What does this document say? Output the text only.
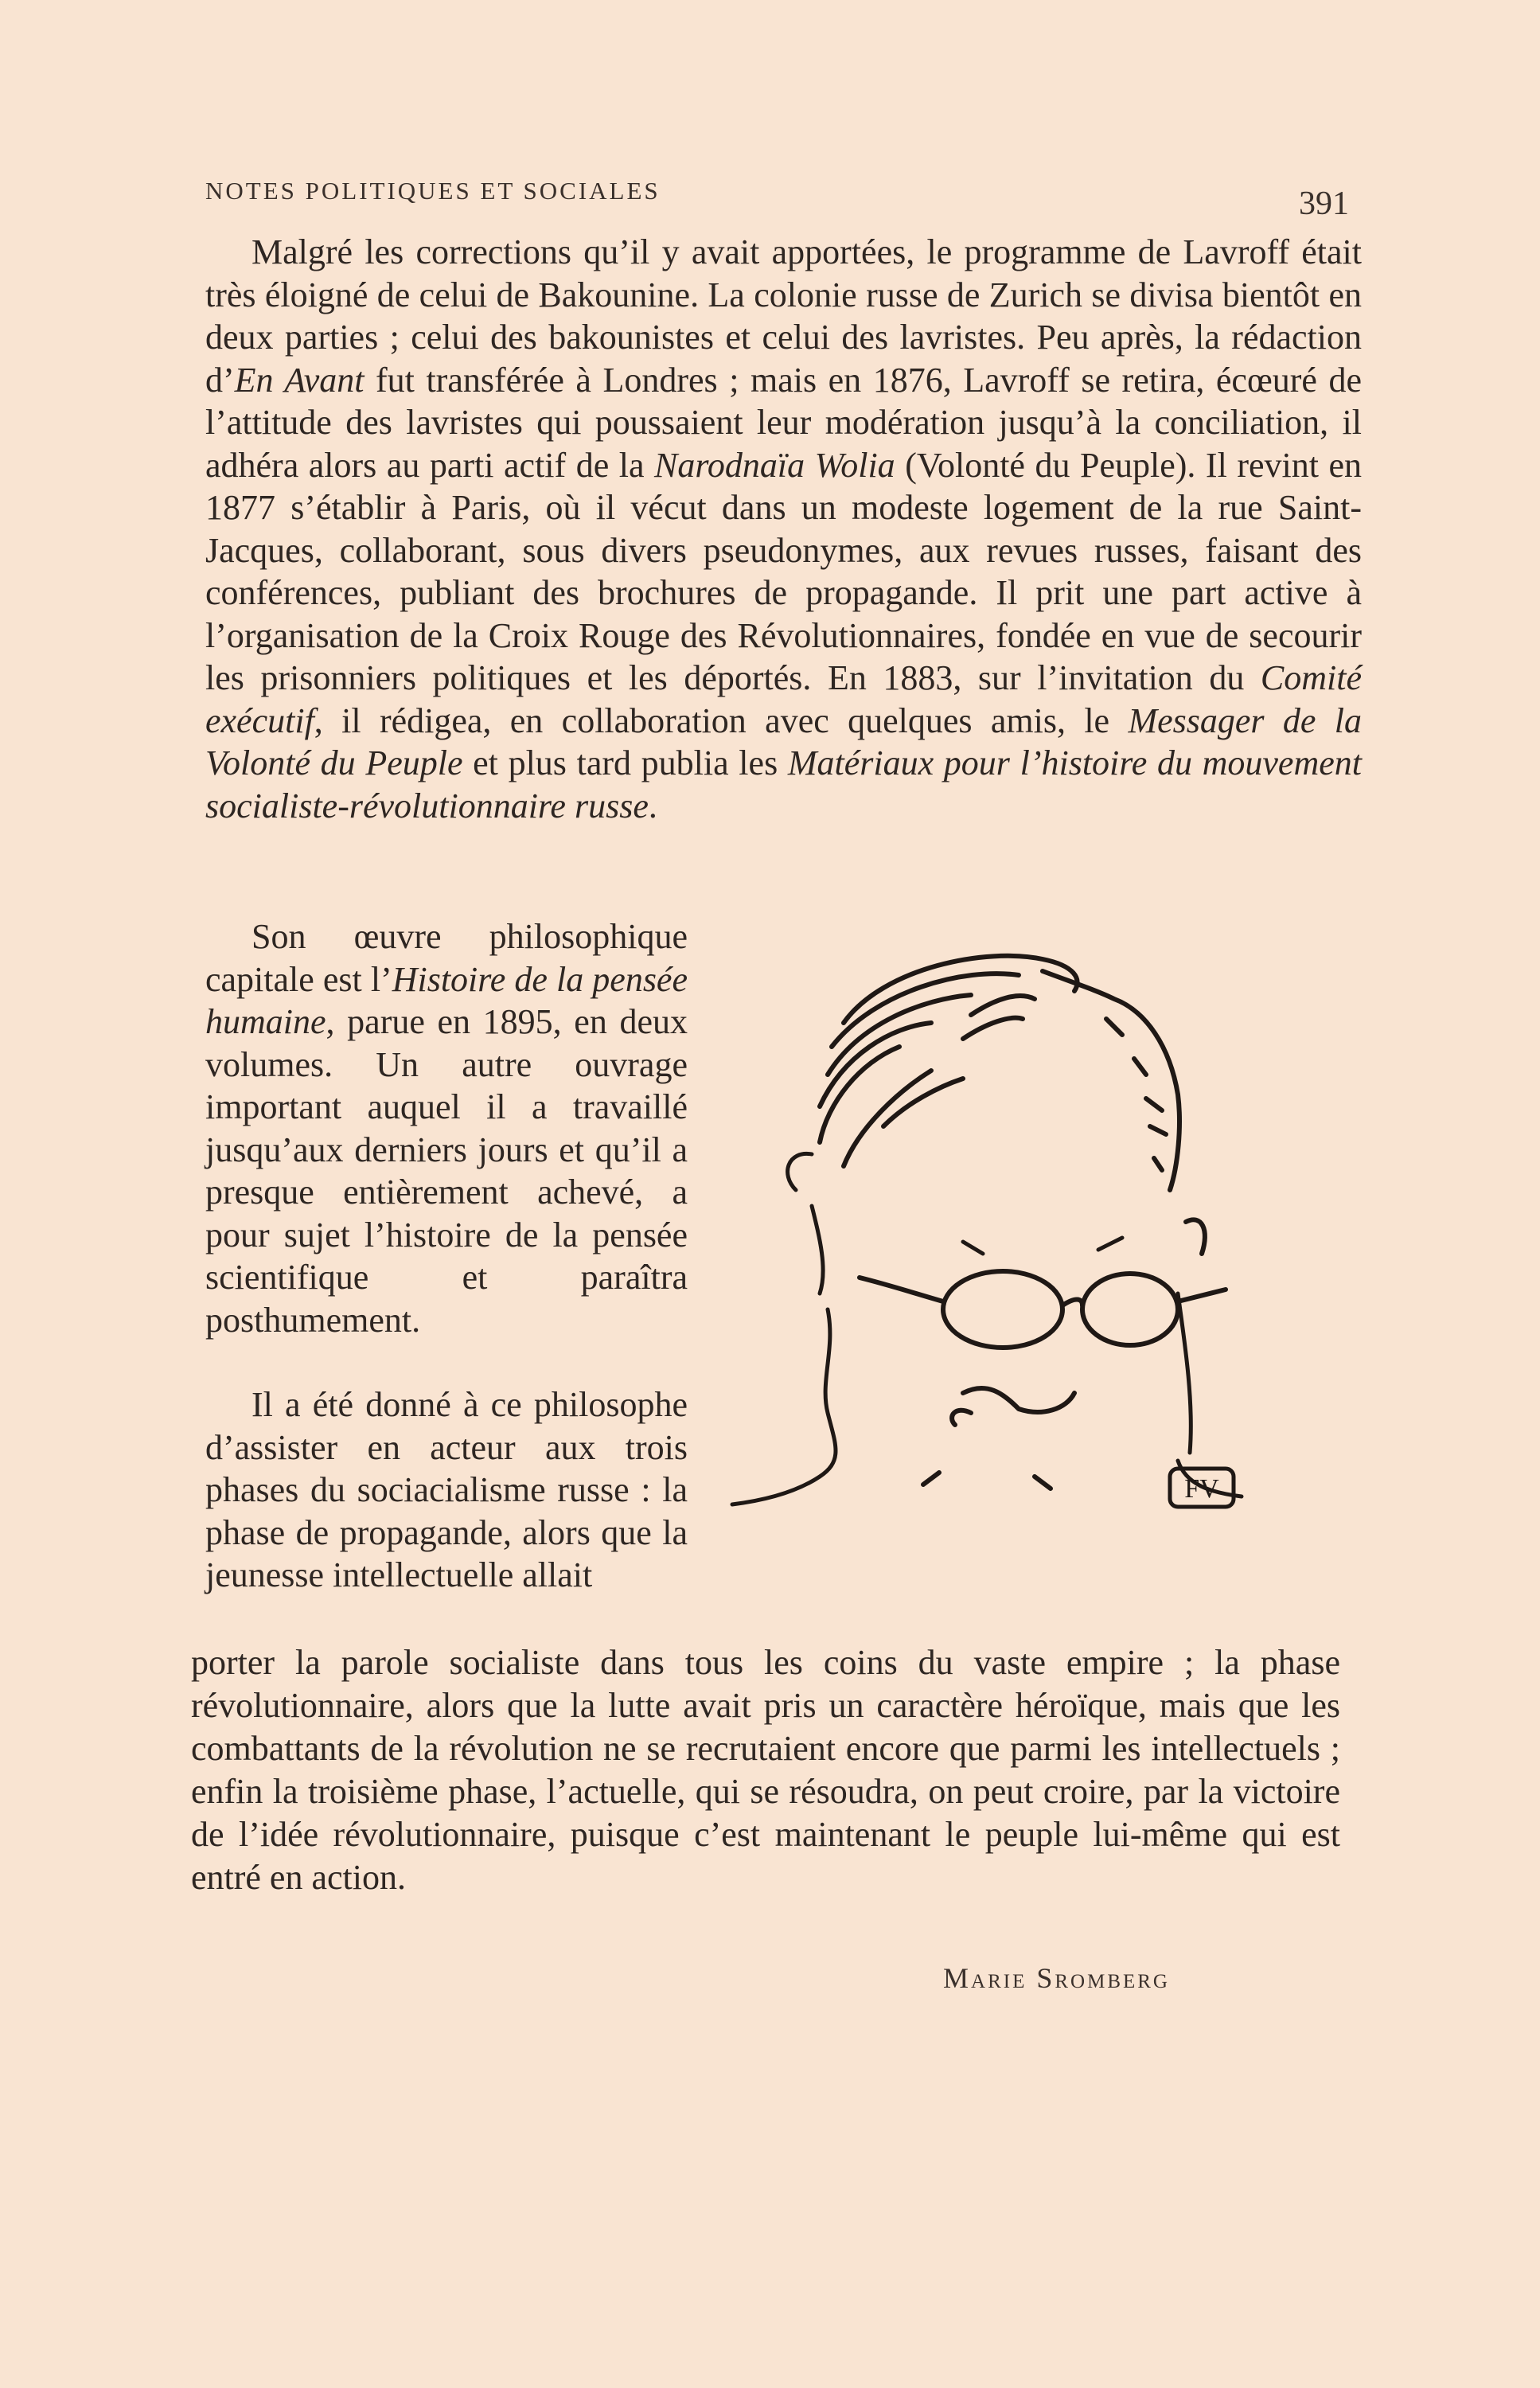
NOTES POLITIQUES ET SOCIALES	391

Malgré les corrections qu’il y avait apportées, le programme de Lavroff était très éloigné de celui de Bakounine. La colonie russe de Zurich se divisa bientôt en deux parties ; celui des bakounistes et celui des lavristes. Peu après, la rédaction d’En Avant fut transférée à Londres ; mais en 1876, Lavroff se retira, écœuré de l’attitude des lavristes qui poussaient leur modération jusqu’à la conciliation, il adhéra alors au parti actif de la Narodnaïa Wolia (Volonté du Peuple). Il revint en 1877 s’établir à Paris, où il vécut dans un modeste logement de la rue Saint-Jacques, collaborant, sous divers pseudonymes, aux revues russes, faisant des conférences, publiant des brochures de propagande. Il prit une part active à l’organisation de la Croix Rouge des Révolutionnaires, fondée en vue de secourir les prisonniers politiques et les déportés. En 1883, sur l’invitation du Comité exécutif, il rédigea, en collaboration avec quelques amis, le Messager de la Volonté du Peuple et plus tard publia les Matériaux pour l’histoire du mouvement socialiste-révolutionnaire russe.

Son œuvre philosophique capitale est l’Histoire de la pensée humaine, parue en 1895, en deux volumes. Un autre ouvrage important auquel il a travaillé jusqu’aux derniers jours et qu’il a presque entièrement achevé, a pour sujet l’histoire de la pensée scientifique et paraîtra posthumement.

Il a été donné à ce philosophe d’assister en acteur aux trois phases du sociacialisme russe : la phase de propagande, alors que la jeunesse intellectuelle allait

porter la parole socialiste dans tous les coins du vaste empire ; la phase révolutionnaire, alors que la lutte avait pris un caractère héroïque, mais que les combattants de la révolution ne se recrutaient encore que parmi les intellectuels ; enfin la troisième phase, l’actuelle, qui se résoudra, on peut croire, par la victoire de l’idée révolutionnaire, puisque c’est maintenant le peuple lui-même qui est entré en action.

FV
Marie Sromberg
